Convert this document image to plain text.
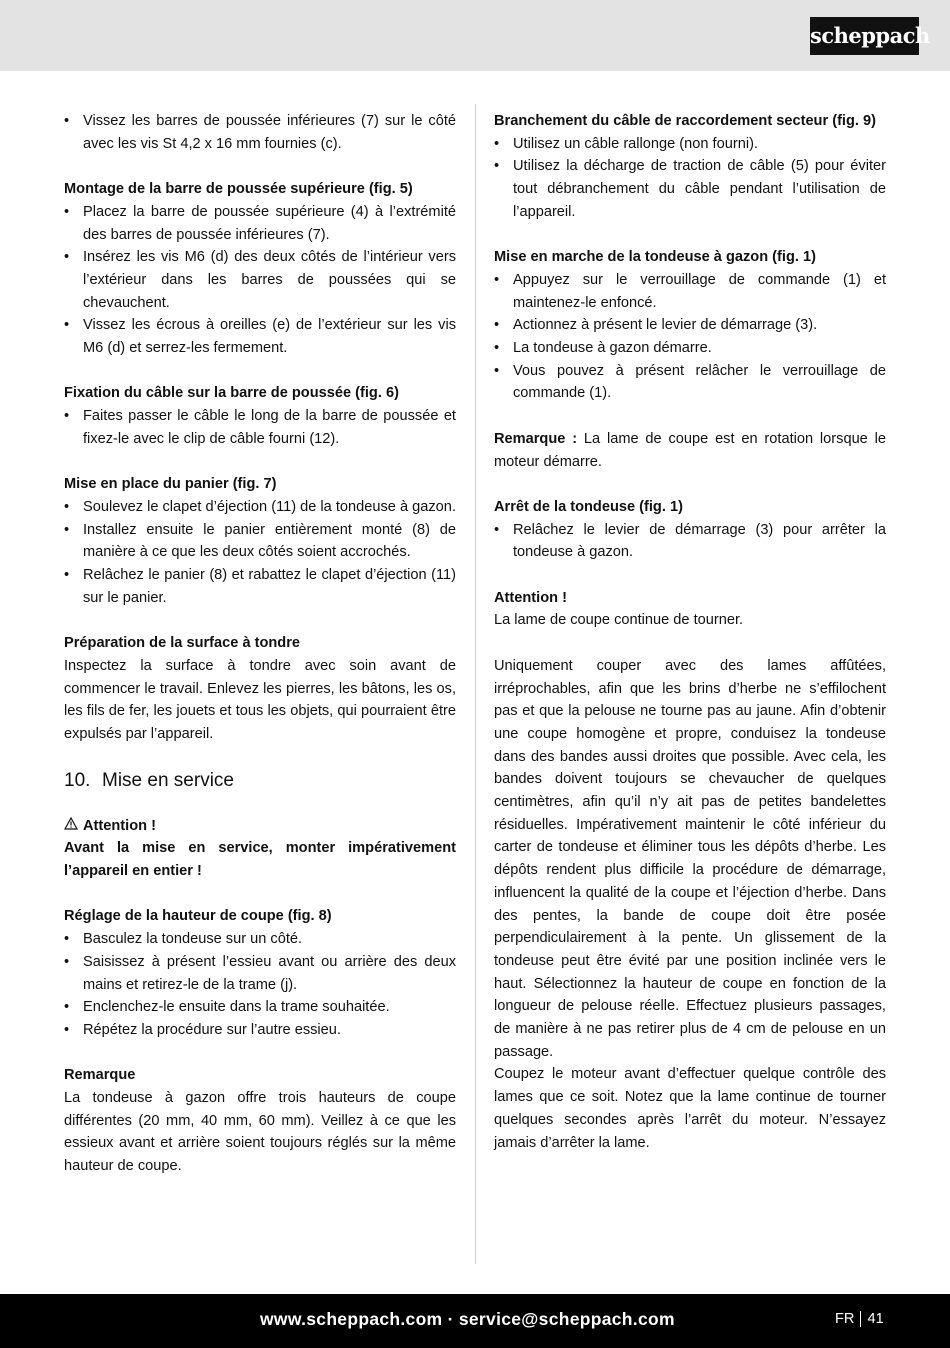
scheppach
• Vissez les barres de poussée inférieures (7) sur le côté avec les vis St 4,2 x 16 mm fournies (c).

Montage de la barre de poussée supérieure (fig. 5)

• Placez la barre de poussée supérieure (4) à l’extrémité des barres de poussée inférieures (7).
• Insérez les vis M6 (d) des deux côtés de l’intérieur vers l’extérieur dans les barres de poussées qui se chevauchent.
• Vissez les écrous à oreilles (e) de l’extérieur sur les vis M6 (d) et serrez-les fermement.

Fixation du câble sur la barre de poussée (fig. 6)

• Faites passer le câble le long de la barre de poussée et fixez-le avec le clip de câble fourni (12).

Mise en place du panier (fig. 7)

• Soulevez le clapet d’éjection (11) de la tondeuse à gazon.
• Installez ensuite le panier entièrement monté (8) de manière à ce que les deux côtés soient accrochés.
• Relâchez le panier (8) et rabattez le clapet d’éjection (11) sur le panier.

Préparation de la surface à tondre

Inspectez la surface à tondre avec soin avant de commencer le travail. Enlevez les pierres, les bâtons, les os, les fils de fer, les jouets et tous les objets, qui pourraient être expulsés par l’appareil.

10. Mise en service
Attention !

Avant la mise en service, monter impérativement l’appareil en entier !

Réglage de la hauteur de coupe (fig. 8)

• Basculez la tondeuse sur un côté.
• Saisissez à présent l’essieu avant ou arrière des deux mains et retirez-le de la trame (j).
• Enclenchez-le ensuite dans la trame souhaitée.
• Répétez la procédure sur l’autre essieu.

Remarque

La tondeuse à gazon offre trois hauteurs de coupe différentes (20 mm, 40 mm, 60 mm). Veillez à ce que les essieux avant et arrière soient toujours réglés sur la même hauteur de coupe.

Branchement du câble de raccordement secteur (fig. 9)

• Utilisez un câble rallonge (non fourni).
• Utilisez la décharge de traction de câble (5) pour éviter tout débranchement du câble pendant l’utilisation de l’appareil.

Mise en marche de la tondeuse à gazon (fig. 1)

• Appuyez sur le verrouillage de commande (1) et maintenez-le enfoncé.
• Actionnez à présent le levier de démarrage (3).
• La tondeuse à gazon démarre.
• Vous pouvez à présent relâcher le verrouillage de commande (1).

Remarque : La lame de coupe est en rotation lorsque le moteur démarre.

Arrêt de la tondeuse (fig. 1)

• Relâchez le levier de démarrage (3) pour arrêter la tondeuse à gazon.

Attention !

La lame de coupe continue de tourner.

Uniquement couper avec des lames affûtées, irréprochables, afin que les brins d’herbe ne s’effilochent pas et que la pelouse ne tourne pas au jaune. Afin d’obtenir une coupe homogène et propre, conduisez la tondeuse dans des bandes aussi droites que possible. Avec cela, les bandes doivent toujours se chevaucher de quelques centimètres, afin qu’il n’y ait pas de petites bandelettes résiduelles. Impérativement maintenir le côté inférieur du carter de tondeuse et éliminer tous les dépôts d’herbe. Les dépôts rendent plus difficile la procédure de démarrage, influencent la qualité de la coupe et l’éjection d’herbe. Dans des pentes, la bande de coupe doit être posée perpendiculairement à la pente. Un glissement de la tondeuse peut être évité par une position inclinée vers le haut. Sélectionnez la hauteur de coupe en fonction de la longueur de pelouse réelle. Effectuez plusieurs passages, de manière à ne pas retirer plus de 4 cm de pelouse en un passage.

Coupez le moteur avant d’effectuer quelque contrôle des lames que ce soit. Notez que la lame continue de tourner quelques secondes après l’arrêt du moteur. N’essayez jamais d’arrêter la lame.

www.scheppach.com · service@scheppach.com	FR 41
